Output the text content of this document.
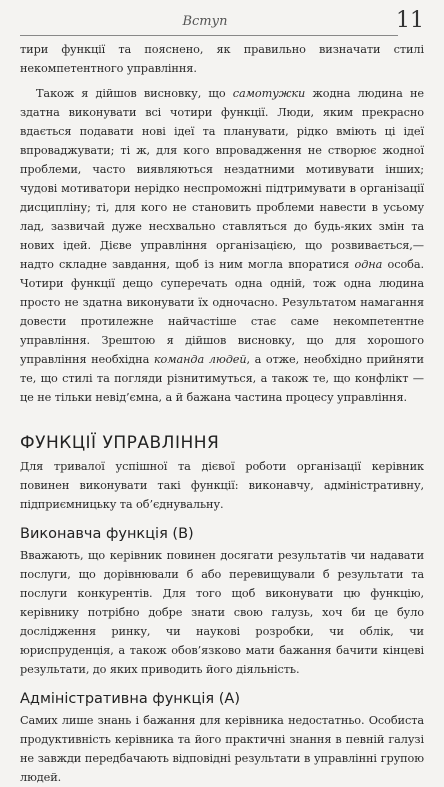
Вступ	11

тири функції та пояснено, як правильно визначати стилі некомпетентного управління.

Також я дійшов висновку, що самотужки жодна людина не здатна виконувати всі чотири функції. Люди, яким прекрасно вдається подавати нові ідеї та планувати, рідко вміють ці ідеї впроваджувати; ті ж, для кого впровадження не створює жодної проблеми, часто виявляються нездатними мотивувати інших; чудові мотиватори нерідко неспроможні підтримувати в організації дисципліну; ті, для кого не становить проблеми навести в усьому лад, зазвичай дуже несхвально ставляться до будь-яких змін та нових ідей. Дієве управління організацією, що розвивається,— надто складне завдання, щоб із ним могла впоратися одна особа. Чотири функції дещо суперечать одна одній, тож одна людина просто не здатна виконувати їх одночасно. Результатом намагання довести протилежне найчастіше стає саме некомпетентне управління. Зрештою я дійшов висновку, що для хорошого управління необхідна команда людей, а отже, необхідно прийняти те, що стилі та погляди різнитимуться, а також те, що конфлікт — це не тільки невід’ємна, а й бажана частина процесу управління.

ФУНКЦІЇ УПРАВЛІННЯ

Для тривалої успішної та дієвої роботи організації керівник повинен виконувати такі функції: виконавчу, адміністративну, підприємницьку та об’єднувальну.

Виконавча функція (В)

Вважають, що керівник повинен досягати результатів чи надавати послуги, що дорівнювали б або перевищували б результати та послуги конкурентів. Для того щоб виконувати цю функцію, керівнику потрібно добре знати свою галузь, хоч би це було дослідження ринку, чи наукові розробки, чи облік, чи юриспруденція, а також обов’язково мати бажання бачити кінцеві результати, до яких приводить його діяльність.

Адміністративна функція (А)

Самих лише знань і бажання для керівника недостатньо. Особиста продуктивність керівника та його практичні знання в певній галузі не завжди передбачають відповідні результати в управлінні групою людей.
